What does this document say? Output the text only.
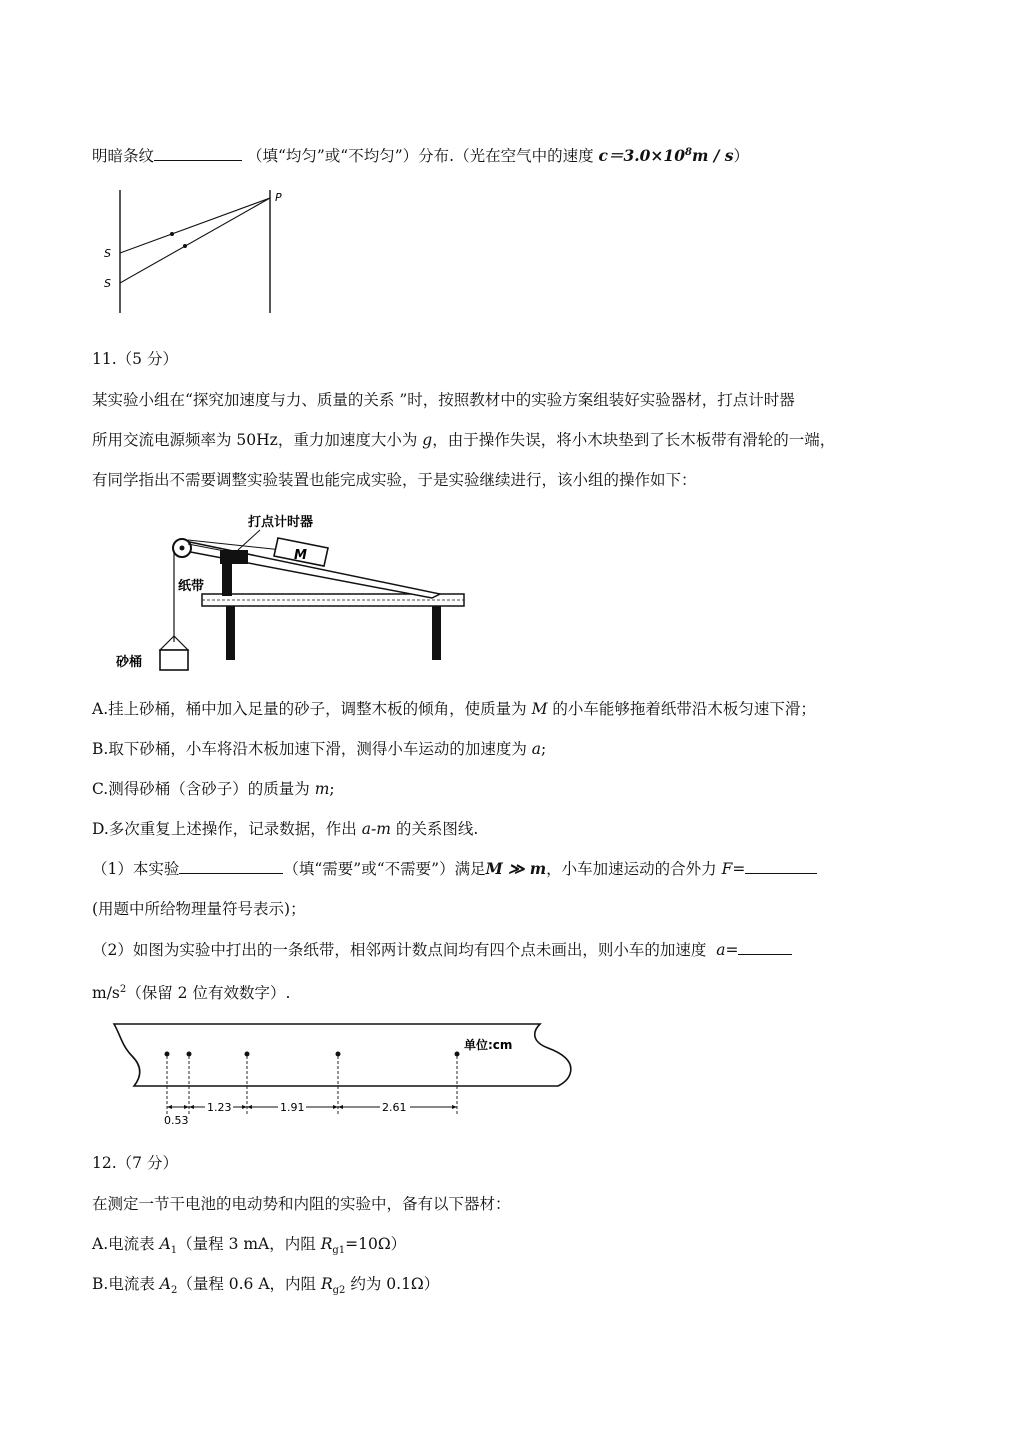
明暗条纹	（填“均匀”或“不均匀”）分布.（光在空气中的速度 $c=3.0\times 10^8m / s$）
P
S
S
11.（5 分）
某实验小组在“探究加速度与力、质量的关系 ”时，按照教材中的实验方案组装好实验器材，打点计时器
所用交流电源频率为 50Hz，重力加速度大小为 g，由于操作失误，将小木块垫到了长木板带有滑轮的一端，
有同学指出不需要调整实验装置也能完成实验，于是实验继续进行，该小组的操作如下：
M
打点计时器
纸带
砂桶
A.挂上砂桶，桶中加入足量的砂子，调整木板的倾角，使质量为 M 的小车能够拖着纸带沿木板匀速下滑；
B.取下砂桶，小车将沿木板加速下滑，测得小车运动的加速度为 a;
C.测得砂桶（含砂子）的质量为 m;
D.多次重复上述操作，记录数据，作出 a-m 的关系图线.
（1）本实验	（填“需要”或“不需要”）满足M ≫ m，小车加速运动的合外力 F=
(用题中所给物理量符号表示)；
（2）如图为实验中打出的一条纸带，相邻两计数点间均有四个点未画出，则小车的加速度 a=
$m/s^2$（保留 2 位有效数字）.
单位:cm
0.53
1.23	1.91	2.61
12.（7 分）
在测定一节干电池的电动势和内阻的实验中，备有以下器材：
A.电流表 $A_1$（量程 3 mA，内阻 $R_{g1}=10\Omega$）
B.电流表 $A_2$（量程 0.6 A，内阻 $R_{g2}$ 约为 0.1Ω）
